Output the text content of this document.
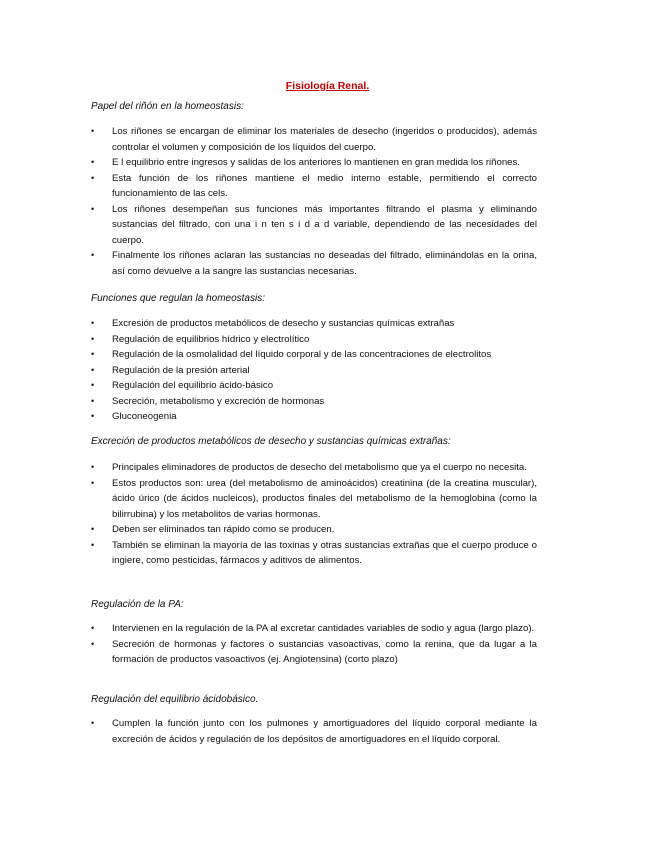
Fisiología Renal.
Papel del riñón en la homeostasis:
•	Los riñones se encargan de eliminar los materiales de desecho (ingeridos o producidos), además controlar el volumen y composición de los líquidos del cuerpo.
•	E l equilibrio entre ingresos y salidas de los anteriores lo mantienen en gran medida los riñones.
•	Esta función de los riñones mantiene el medio interno estable, permitiendo el correcto funcionamiento de las cels.
•	Los riñones desempeñan sus funciones más importantes filtrando el plasma y eliminando sustancias del filtrado, con una i n ten s i d a d variable, dependiendo de las necesidades del cuerpo.
•	Finalmente los riñones aclaran las sustancias no deseadas del filtrado, eliminándolas en la orina, así como devuelve a la sangre las sustancias necesarias.
Funciones que regulan la homeostasis:
•	Excresión de productos metabólicos de desecho y sustancias químicas extrañas
•	Regulación de equilibrios hídrico y electrolítico
•	Regulación de la osmolalidad del líquido corporal y de las concentraciones de electrolitos
•	Regulación de la presión arterial
•	Regulación del equilibrio ácido-básico
•	Secreción, metabolismo y excreción de hormonas
•	Gluconeogenia
Excreción de productos metabólicos de desecho y sustancias químicas extrañas:
•	Principales eliminadores de productos de desecho del metabolismo que ya el cuerpo no necesita.
•	Estos productos son: urea (del metabolismo de aminoácidos) creatinina (de la creatina muscular), ácido úrico (de ácidos nucleicos), productos finales del metabolismo de la hemoglobina (como la bilirrubina) y los metabolitos de varias hormonas.
•	Deben ser eliminados tan rápido como se producen.
•	También se eliminan la mayoría de las toxinas y otras sustancias extrañas que el cuerpo produce o ingiere, como pesticidas, fármacos y aditivos de alimentos.
Regulación de la PA:
•	Intervienen en la regulación de la PA al excretar cantidades variables de sodio y agua (largo plazo).
•	Secreción de hormonas y factores o sustancias vasoactivas, como la renina, que da lugar a la formación de productos vasoactivos (ej. Angiotensina) (corto plazo)
Regulación del equilibrio ácidobásico.
•	Cumplen la función junto con los pulmones y amortiguadores del líquido corporal mediante la excreción de ácidos y regulación de los depósitos de amortiguadores en el líquido corporal.
